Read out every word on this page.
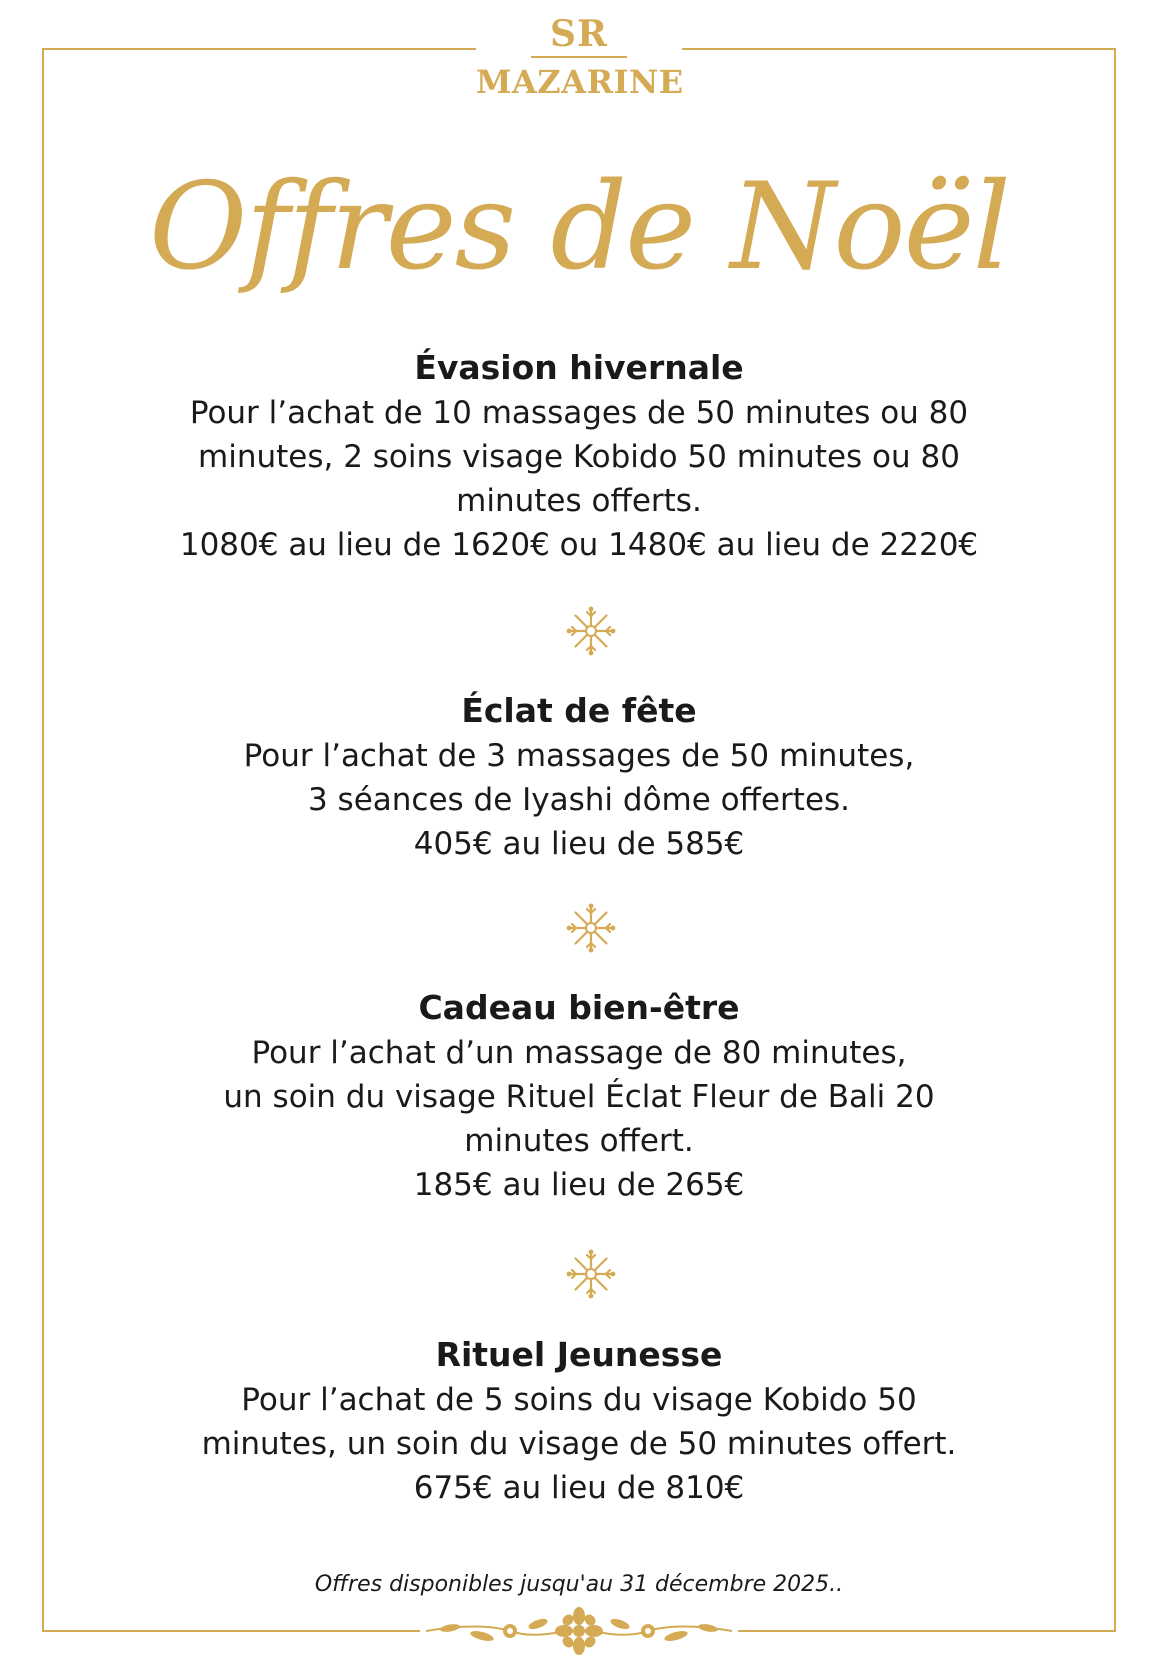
SR
MAZARINE
Offres de Noël
Évasion hivernale
Pour l’achat de 10 massages de 50 minutes ou 80
minutes, 2 soins visage Kobido 50 minutes ou 80
minutes offerts.
1080€ au lieu de 1620€ ou 1480€ au lieu de 2220€
Éclat de fête
Pour l’achat de 3 massages de 50 minutes,
3 séances de Iyashi dôme offertes.
405€ au lieu de 585€
Cadeau bien-être
Pour l’achat d’un massage de 80 minutes,
un soin du visage Rituel Éclat Fleur de Bali 20
minutes offert.
185€ au lieu de 265€
Rituel Jeunesse
Pour l’achat de 5 soins du visage Kobido 50
minutes, un soin du visage de 50 minutes offert.
675€ au lieu de 810€
Offres disponibles jusqu'au 31 décembre 2025..
